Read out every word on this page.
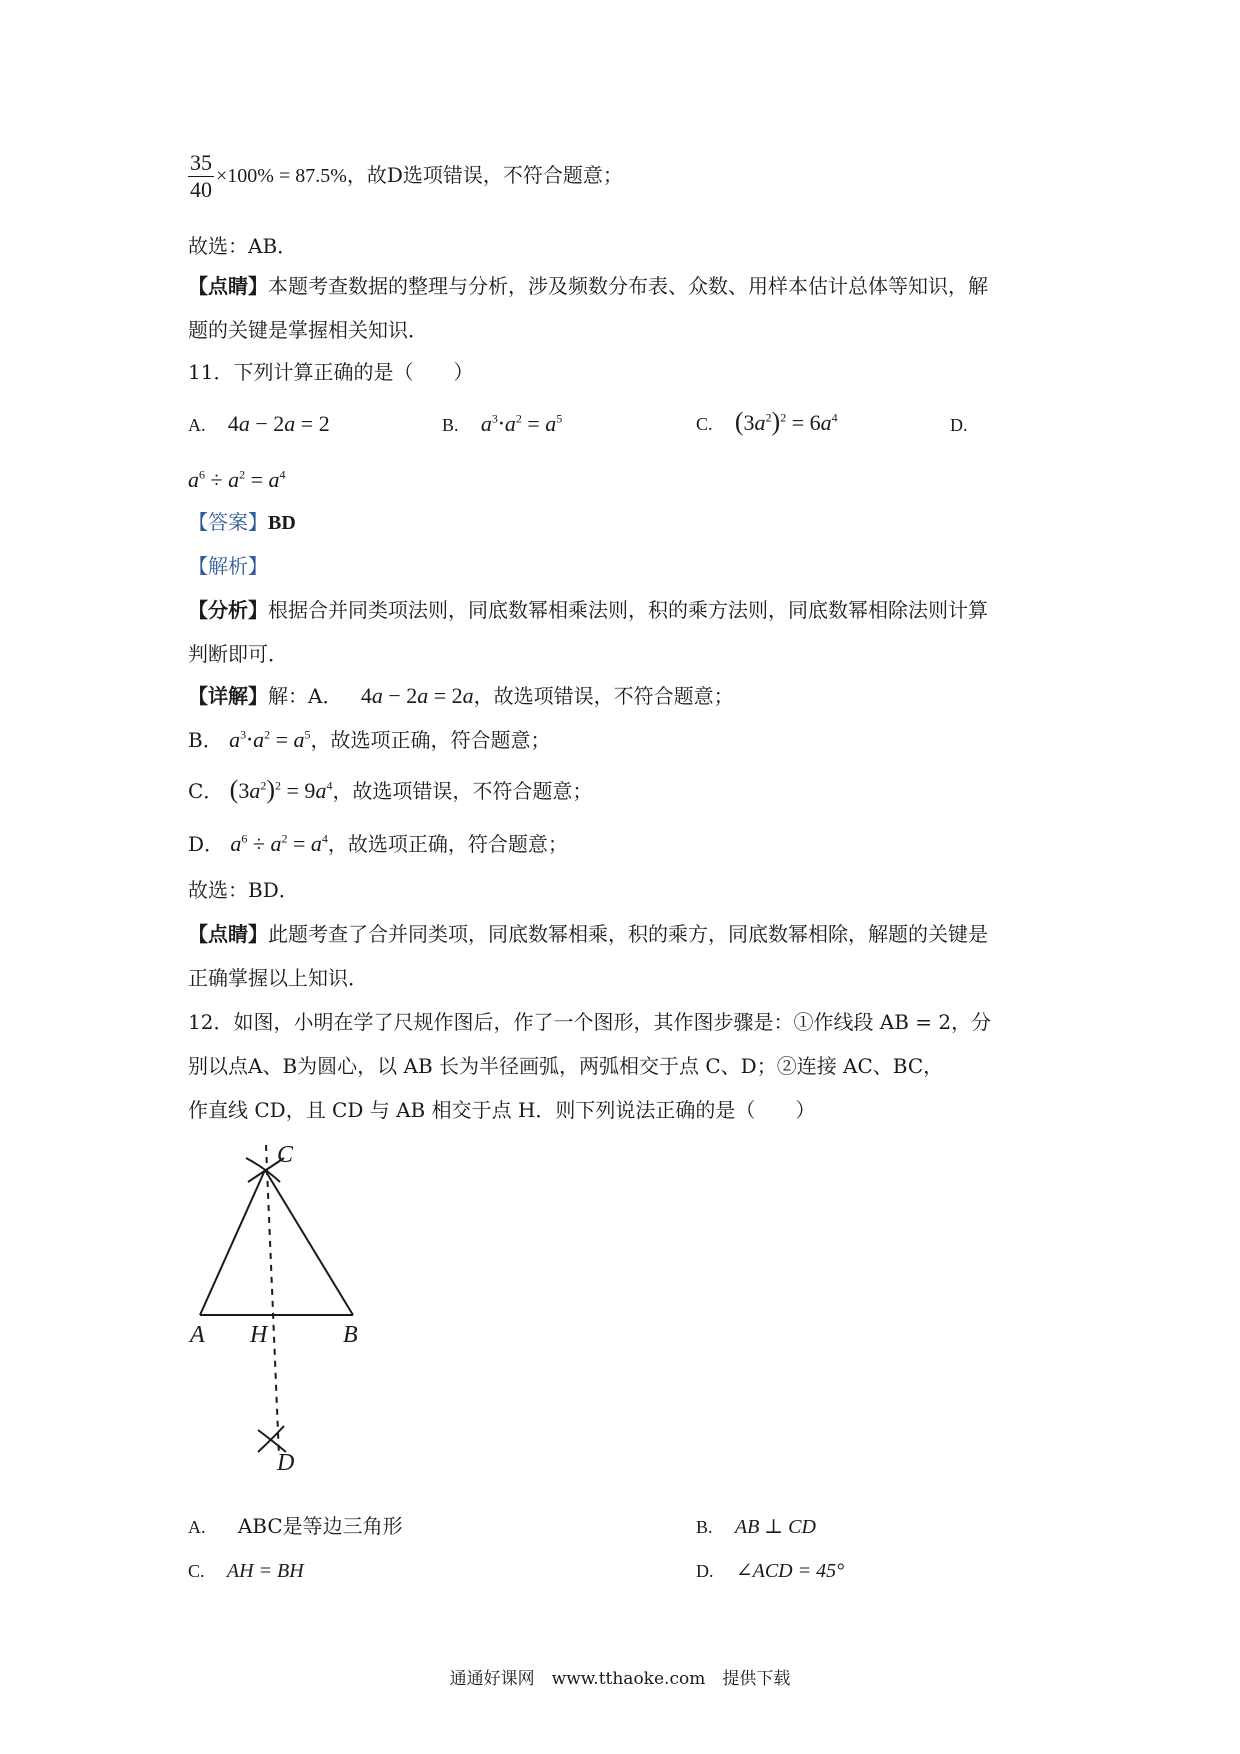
$\frac{35}{40} \times 100\% = 87.5\%$，故D选项错误，不符合题意；
故选：AB．
【点睛】本题考查数据的整理与分析，涉及频数分布表、众数、用样本估计总体等知识，解
题的关键是掌握相关知识．
11．下列计算正确的是（　　）
A. 4a − 2a = 2	B. $a^3\cdot a^2 = a^5$	C. $(3a^2)^2 = 6a^4$	D.
$a^6 \div a^2 = a^4$
【答案】BD
【解析】
【分析】根据合并同类项法则，同底数幂相乘法则，积的乘方法则，同底数幂相除法则计算
判断即可．
【详解】解：A． 4a − 2a = 2a，故选项错误，不符合题意；
B． $a^3\cdot a^2 = a^5$，故选项正确，符合题意；
C． $(3a^2)^2 = 9a^4$，故选项错误，不符合题意；
D． $a^6 \div a^2 = a^4$，故选项正确，符合题意；
故选：BD．
【点睛】此题考查了合并同类项，同底数幂相乘，积的乘方，同底数幂相除，解题的关键是
正确掌握以上知识．
12．如图，小明在学了尺规作图后，作了一个图形，其作图步骤是：①作线段 AB = 2，分
别以点A、B为圆心，以 AB 长为半径画弧，两弧相交于点 C、D；②连接 AC、BC，
作直线 CD，且 CD 与 AB 相交于点 H．则下列说法正确的是（　　）
C
A H	B
D
A. ABC是等边三角形	B. AB ⊥ CD
C. AH = BH	D. ∠ACD = 45°
通通好课网　www.tthaoke.com　提供下载
